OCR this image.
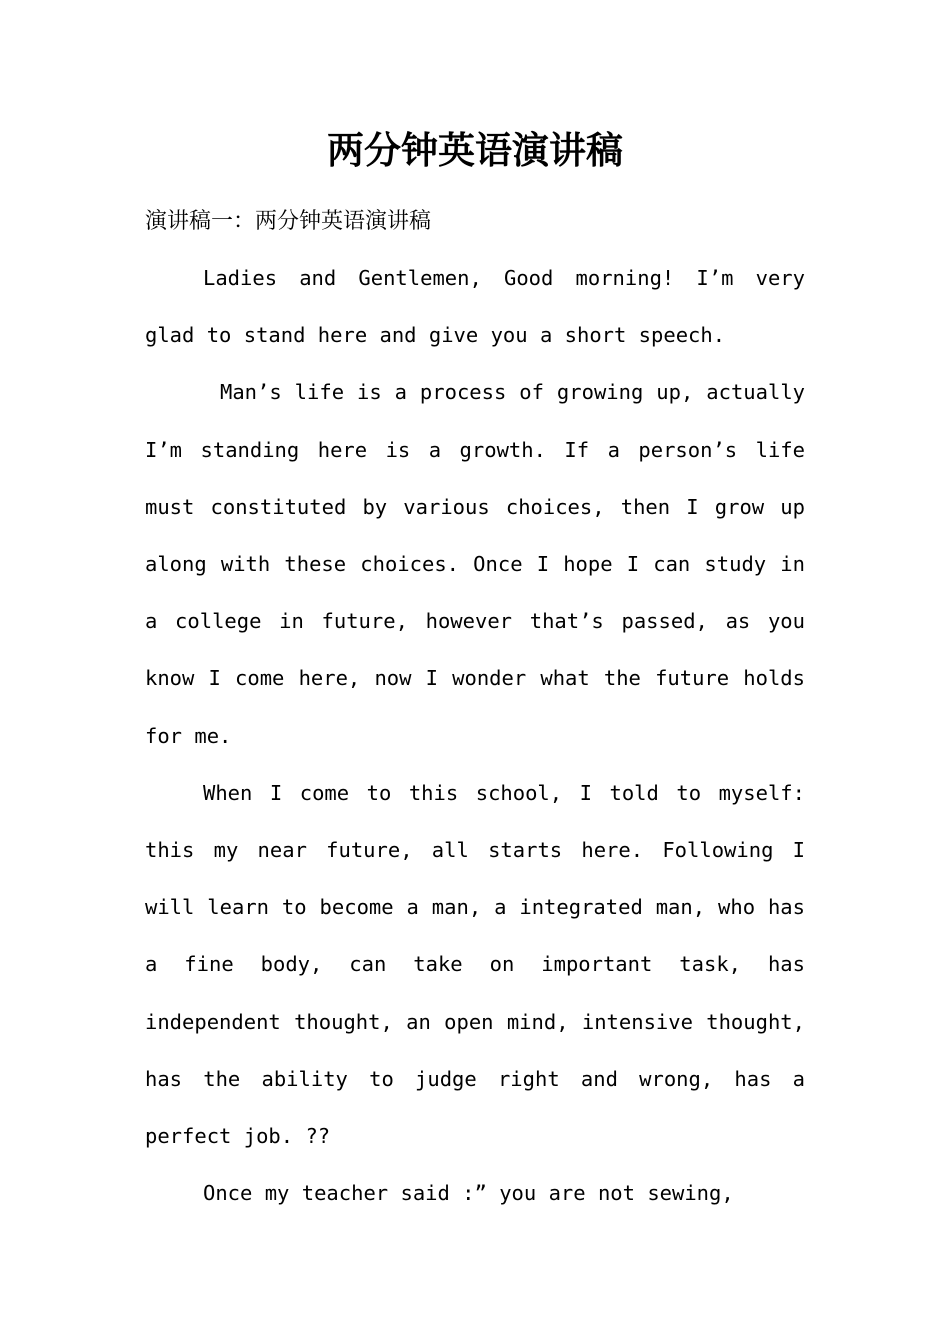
两分钟英语演讲稿

演讲稿一：两分钟英语演讲稿

Ladies and Gentlemen, Good morning! I’m very glad to stand here and give you a short speech.

Man’s life is a process of growing up, actually I’m standing here is a growth. If a person’s life must constituted by various choices, then I grow up along with these choices. Once I hope I can study in a college in future, however that’s passed, as you know I come here, now I wonder what the future holds for me.

When I come to this school, I told to myself: this my near future, all starts here. Following I will learn to become a man, a integrated man, who has a fine body, can take on important task, has independent thought, an open mind, intensive thought, has the ability to judge right and wrong, has a perfect job. ??

Once my teacher said :” you are not sewing,
